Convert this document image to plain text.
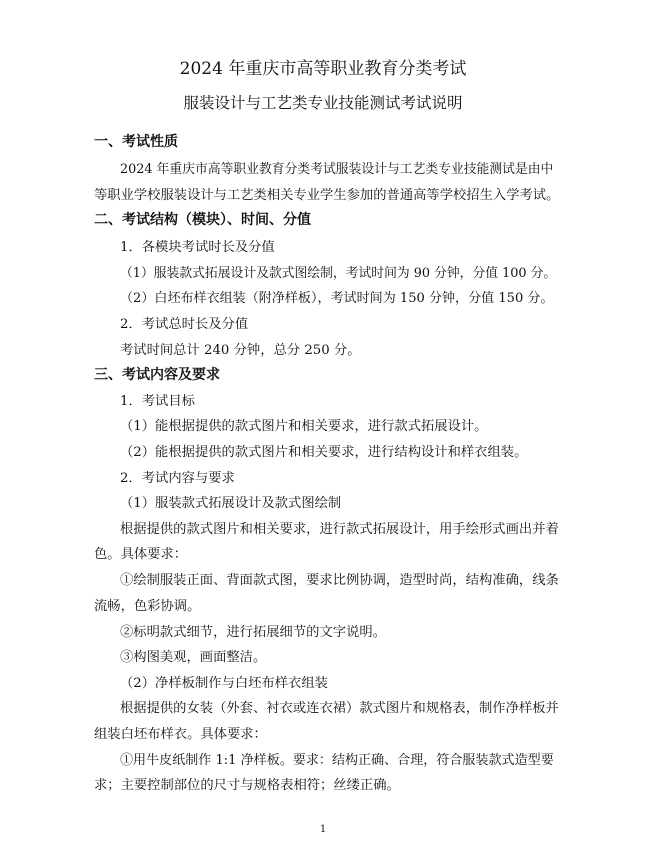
2024 年重庆市高等职业教育分类考试
服装设计与工艺类专业技能测试考试说明
一、考试性质
2024 年重庆市高等职业教育分类考试服装设计与工艺类专业技能测试是由中
等职业学校服装设计与工艺类相关专业学生参加的普通高等学校招生入学考试。
二、考试结构（模块）、时间、分值
1．各模块考试时长及分值
（1）服装款式拓展设计及款式图绘制，考试时间为 90 分钟，分值 100 分。
（2）白坯布样衣组装（附净样板），考试时间为 150 分钟，分值 150 分。
2．考试总时长及分值
考试时间总计 240 分钟，总分 250 分。
三、考试内容及要求
1．考试目标
（1）能根据提供的款式图片和相关要求，进行款式拓展设计。
（2）能根据提供的款式图片和相关要求，进行结构设计和样衣组装。
2．考试内容与要求
（1）服装款式拓展设计及款式图绘制
根据提供的款式图片和相关要求，进行款式拓展设计，用手绘形式画出并着
色。具体要求：
①绘制服装正面、背面款式图，要求比例协调，造型时尚，结构准确，线条
流畅，色彩协调。
②标明款式细节，进行拓展细节的文字说明。
③构图美观，画面整洁。
（2）净样板制作与白坯布样衣组装
根据提供的女装（外套、衬衣或连衣裙）款式图片和规格表，制作净样板并
组装白坯布样衣。具体要求：
①用牛皮纸制作 1:1 净样板。要求：结构正确、合理，符合服装款式造型要
求；主要控制部位的尺寸与规格表相符；丝缕正确。
1
